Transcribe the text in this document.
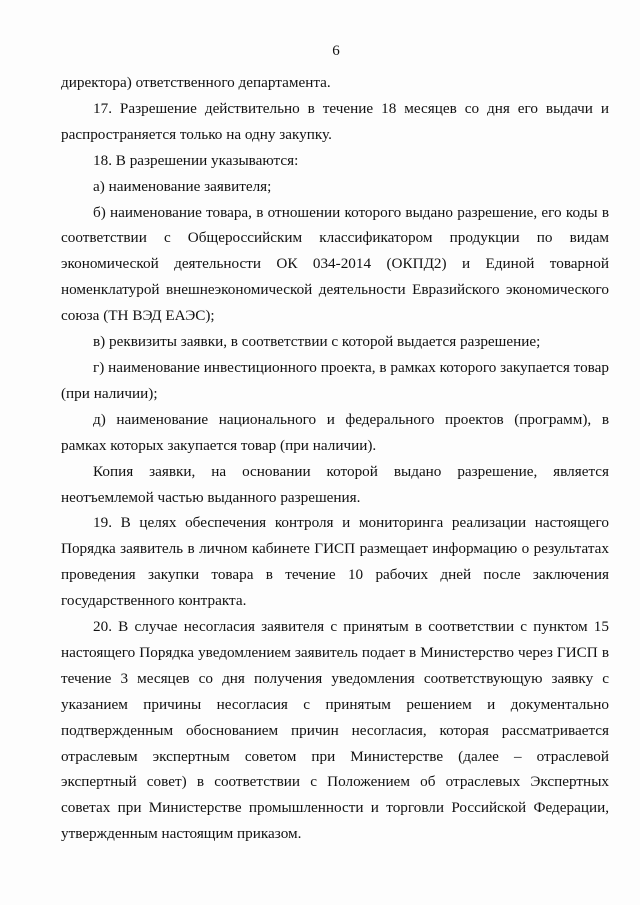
6

директора) ответственного департамента.

17. Разрешение действительно в течение 18 месяцев со дня его выдачи и распространяется только на одну закупку.

18. В разрешении указываются:

а) наименование заявителя;

б) наименование товара, в отношении которого выдано разрешение, его коды в соответствии с Общероссийским классификатором продукции по видам экономической деятельности ОК 034-2014 (ОКПД2) и Единой товарной номенклатурой внешнеэкономической деятельности Евразийского экономического союза (ТН ВЭД ЕАЭС);

в) реквизиты заявки, в соответствии с которой выдается разрешение;

г) наименование инвестиционного проекта, в рамках которого закупается товар (при наличии);

д) наименование национального и федерального проектов (программ), в рамках которых закупается товар (при наличии).

Копия заявки, на основании которой выдано разрешение, является неотъемлемой частью выданного разрешения.

19. В целях обеспечения контроля и мониторинга реализации настоящего Порядка заявитель в личном кабинете ГИСП размещает информацию о результатах проведения закупки товара в течение 10 рабочих дней после заключения государственного контракта.

20. В случае несогласия заявителя с принятым в соответствии с пунктом 15 настоящего Порядка уведомлением заявитель подает в Министерство через ГИСП в течение 3 месяцев со дня получения уведомления соответствующую заявку с указанием причины несогласия с принятым решением и документально подтвержденным обоснованием причин несогласия, которая рассматривается отраслевым экспертным советом при Министерстве (далее – отраслевой экспертный совет) в соответствии с Положением об отраслевых Экспертных советах при Министерстве промышленности и торговли Российской Федерации, утвержденным настоящим приказом.
